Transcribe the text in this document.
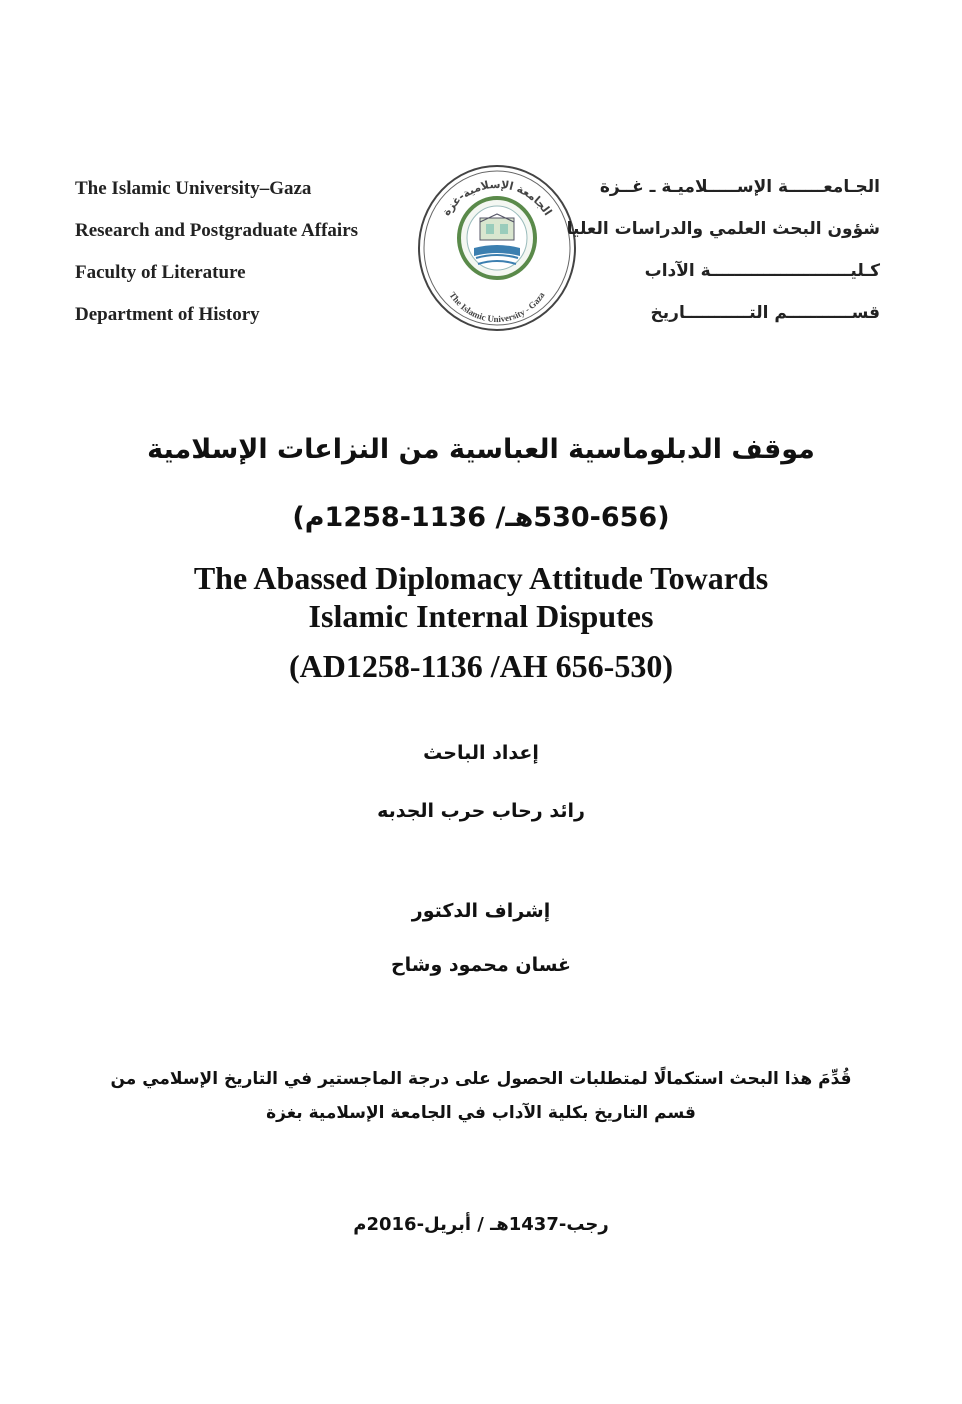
The Islamic University–Gaza
Research and Postgraduate Affairs
Faculty of Literature
Department of History
الجامعة الإسلامية-غزة
The Islamic University - Gaza
الجـامعــــــة الإســـــلاميـة ـ غــزة
شؤون البحث العلمي والدراسات العليا
كـليــــــــــــــــــــــــة الآداب
قســـــــــــم التـــــــــــاريخ
موقف الدبلوماسية العباسية من النزاعات الإسلامية
(530-656هـ/ 1136-1258م)
The Abassed Diplomacy Attitude Towards
Islamic Internal Disputes
(AD1258-1136 /AH 656-530)
إعداد الباحث
رائد رحاب حرب الجدبه
إشراف الدكتور
غسان محمود وشاح
قُدِّمَ هذا البحث استكمالًا لمتطلبات الحصول على درجة الماجستير في التاريخ الإسلامي من
قسم التاريخ بكلية الآداب في الجامعة الإسلامية بغزة
رجب-1437هـ / أبريل-2016م
